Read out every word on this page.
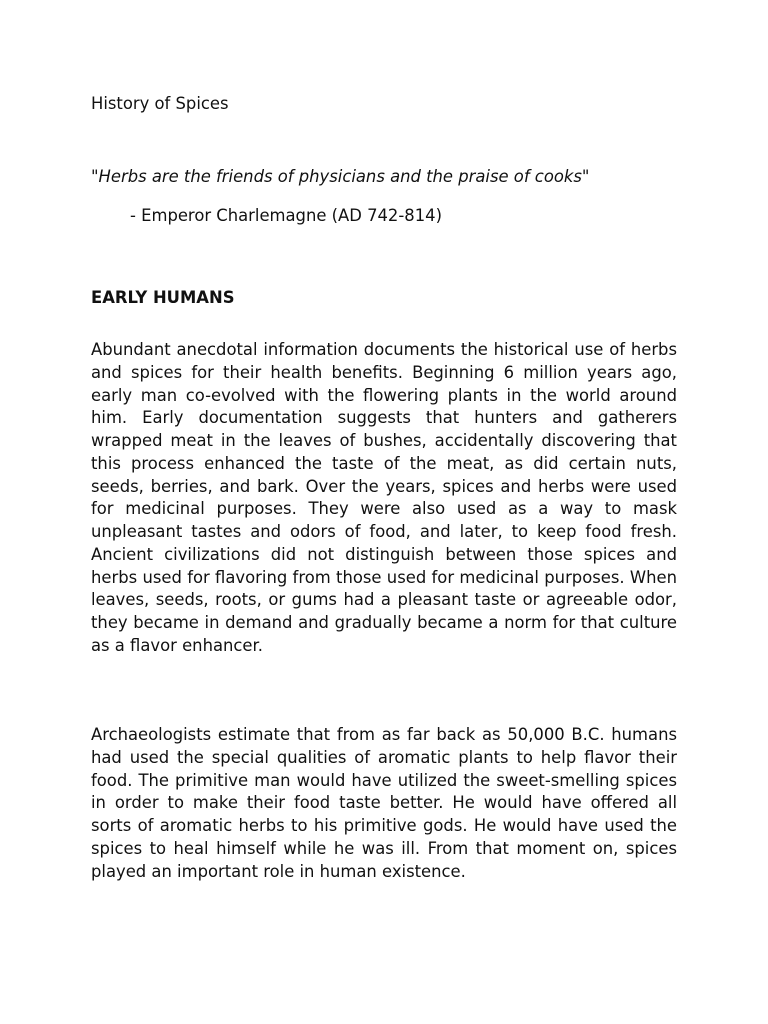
History of Spices

"Herbs are the friends of physicians and the praise of cooks"

- Emperor Charlemagne (AD 742-814)

EARLY HUMANS

Abundant anecdotal information documents the historical use of herbs and spices for their health benefits. Beginning 6 million years ago, early man co-evolved with the flowering plants in the world around him. Early documentation suggests that hunters and gatherers wrapped meat in the leaves of bushes, accidentally discovering that this process enhanced the taste of the meat, as did certain nuts, seeds, berries, and bark. Over the years, spices and herbs were used for medicinal purposes. They were also used as a way to mask unpleasant tastes and odors of food, and later, to keep food fresh. Ancient civilizations did not distinguish between those spices and herbs used for flavoring from those used for medicinal purposes. When leaves, seeds, roots, or gums had a pleasant taste or agreeable odor, they became in demand and gradually became a norm for that culture as a flavor enhancer.

Archaeologists estimate that from as far back as 50,000 B.C. humans had used the special qualities of aromatic plants to help flavor their food. The primitive man would have utilized the sweet-smelling spices in order to make their food taste better. He would have offered all sorts of aromatic herbs to his primitive gods. He would have used the spices to heal himself while he was ill. From that moment on, spices played an important role in human existence.
